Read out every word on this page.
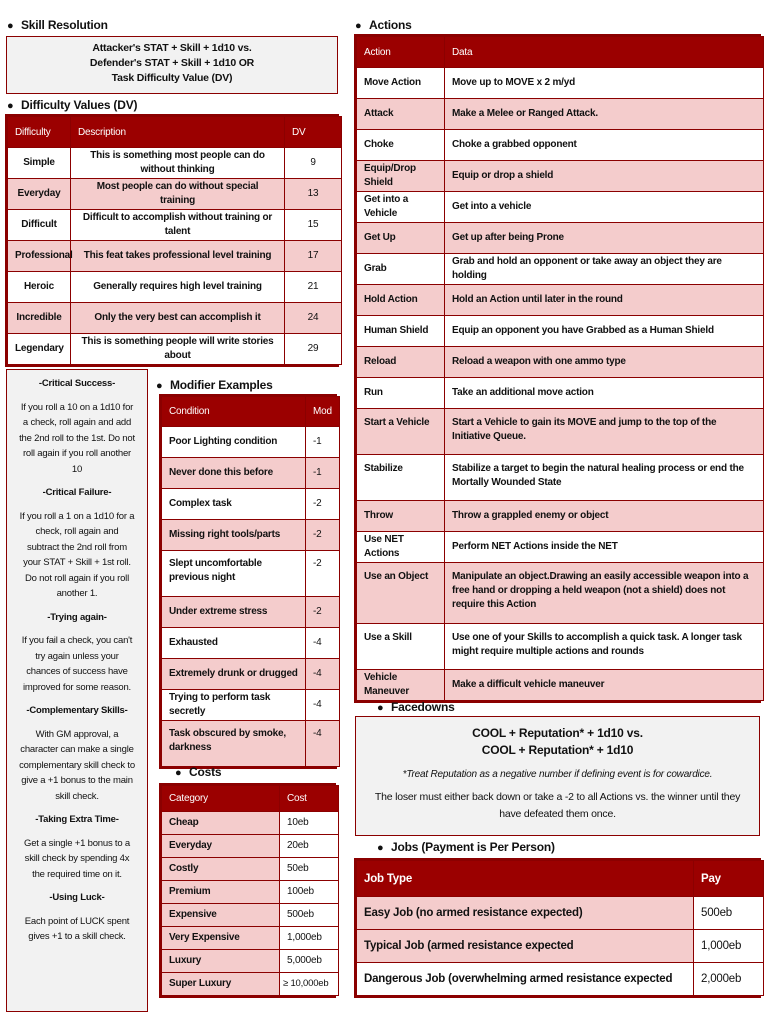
● Skill Resolution
Attacker's STAT + Skill + 1d10 vs.
Defender's STAT + Skill + 1d10 OR
Task Difficulty Value (DV)
● Difficulty Values (DV)
Difficulty	Description	DV
Simple	This is something most people can do without thinking	9
Everyday	Most people can do without special training	13
Difficult	Difficult to accomplish without training or talent	15
Professional	This feat takes professional level training	17
Heroic	Generally requires high level training	21
Incredible	Only the very best can accomplish it	24
Legendary	This is something people will write stories about	29
-Critical Success-
If you roll a 10 on a 1d10 for a check, roll again and add the 2nd roll to the 1st. Do not roll again if you roll another 10
-Critical Failure-
If you roll a 1 on a 1d10 for a check, roll again and subtract the 2nd roll from your STAT + Skill + 1st roll. Do not roll again if you roll another 1.
-Trying again-
If you fail a check, you can't try again unless your chances of success have improved for some reason.
-Complementary Skills-
With GM approval, a character can make a single complementary skill check to give a +1 bonus to the main skill check.
-Taking Extra Time-
Get a single +1 bonus to a skill check by spending 4x the required time on it.
-Using Luck-
Each point of LUCK spent gives +1 to a skill check.
● Modifier Examples
Condition	Mod
Poor Lighting condition	-1
Never done this before	-1
Complex task	-2
Missing right tools/parts	-2
Slept uncomfortable previous night	-2
Under extreme stress	-2
Exhausted	-4
Extremely drunk or drugged	-4
Trying to perform task secretly	-4
Task obscured by smoke, darkness	-4
● Costs
Category	Cost
Cheap	10eb
Everyday	20eb
Costly	50eb
Premium	100eb
Expensive	500eb
Very Expensive	1,000eb
Luxury	5,000eb
Super Luxury	≥ 10,000eb
● Actions
Action	Data
Move Action	Move up to MOVE x 2 m/yd
Attack	Make a Melee or Ranged Attack.
Choke	Choke a grabbed opponent
Equip/Drop Shield	Equip or drop a shield
Get into a Vehicle	Get into a vehicle
Get Up	Get up after being Prone
Grab	Grab and hold an opponent or take away an object they are holding
Hold Action	Hold an Action until later in the round
Human Shield	Equip an opponent you have Grabbed as a Human Shield
Reload	Reload a weapon with one ammo type
Run	Take an additional move action
Start a Vehicle	Start a Vehicle to gain its MOVE and jump to the top of the Initiative Queue.
Stabilize	Stabilize a target to begin the natural healing process or end the Mortally Wounded State
Throw	Throw a grappled enemy or object
Use NET Actions	Perform NET Actions inside the NET
Use an Object	Manipulate an object.Drawing an easily accessible weapon into a free hand or dropping a held weapon (not a shield) does not require this Action
Use a Skill	Use one of your Skills to accomplish a quick task. A longer task might require multiple actions and rounds
Vehicle Maneuver	Make a difficult vehicle maneuver
● Facedowns
COOL + Reputation* + 1d10 vs.
COOL + Reputation* + 1d10
*Treat Reputation as a negative number if defining event is for cowardice.
The loser must either back down or take a -2 to all Actions vs. the winner until they have defeated them once.
● Jobs (Payment is Per Person)
Job Type	Pay
Easy Job (no armed resistance expected)	500eb
Typical Job (armed resistance expected	1,000eb
Dangerous Job (overwhelming armed resistance expected	2,000eb
